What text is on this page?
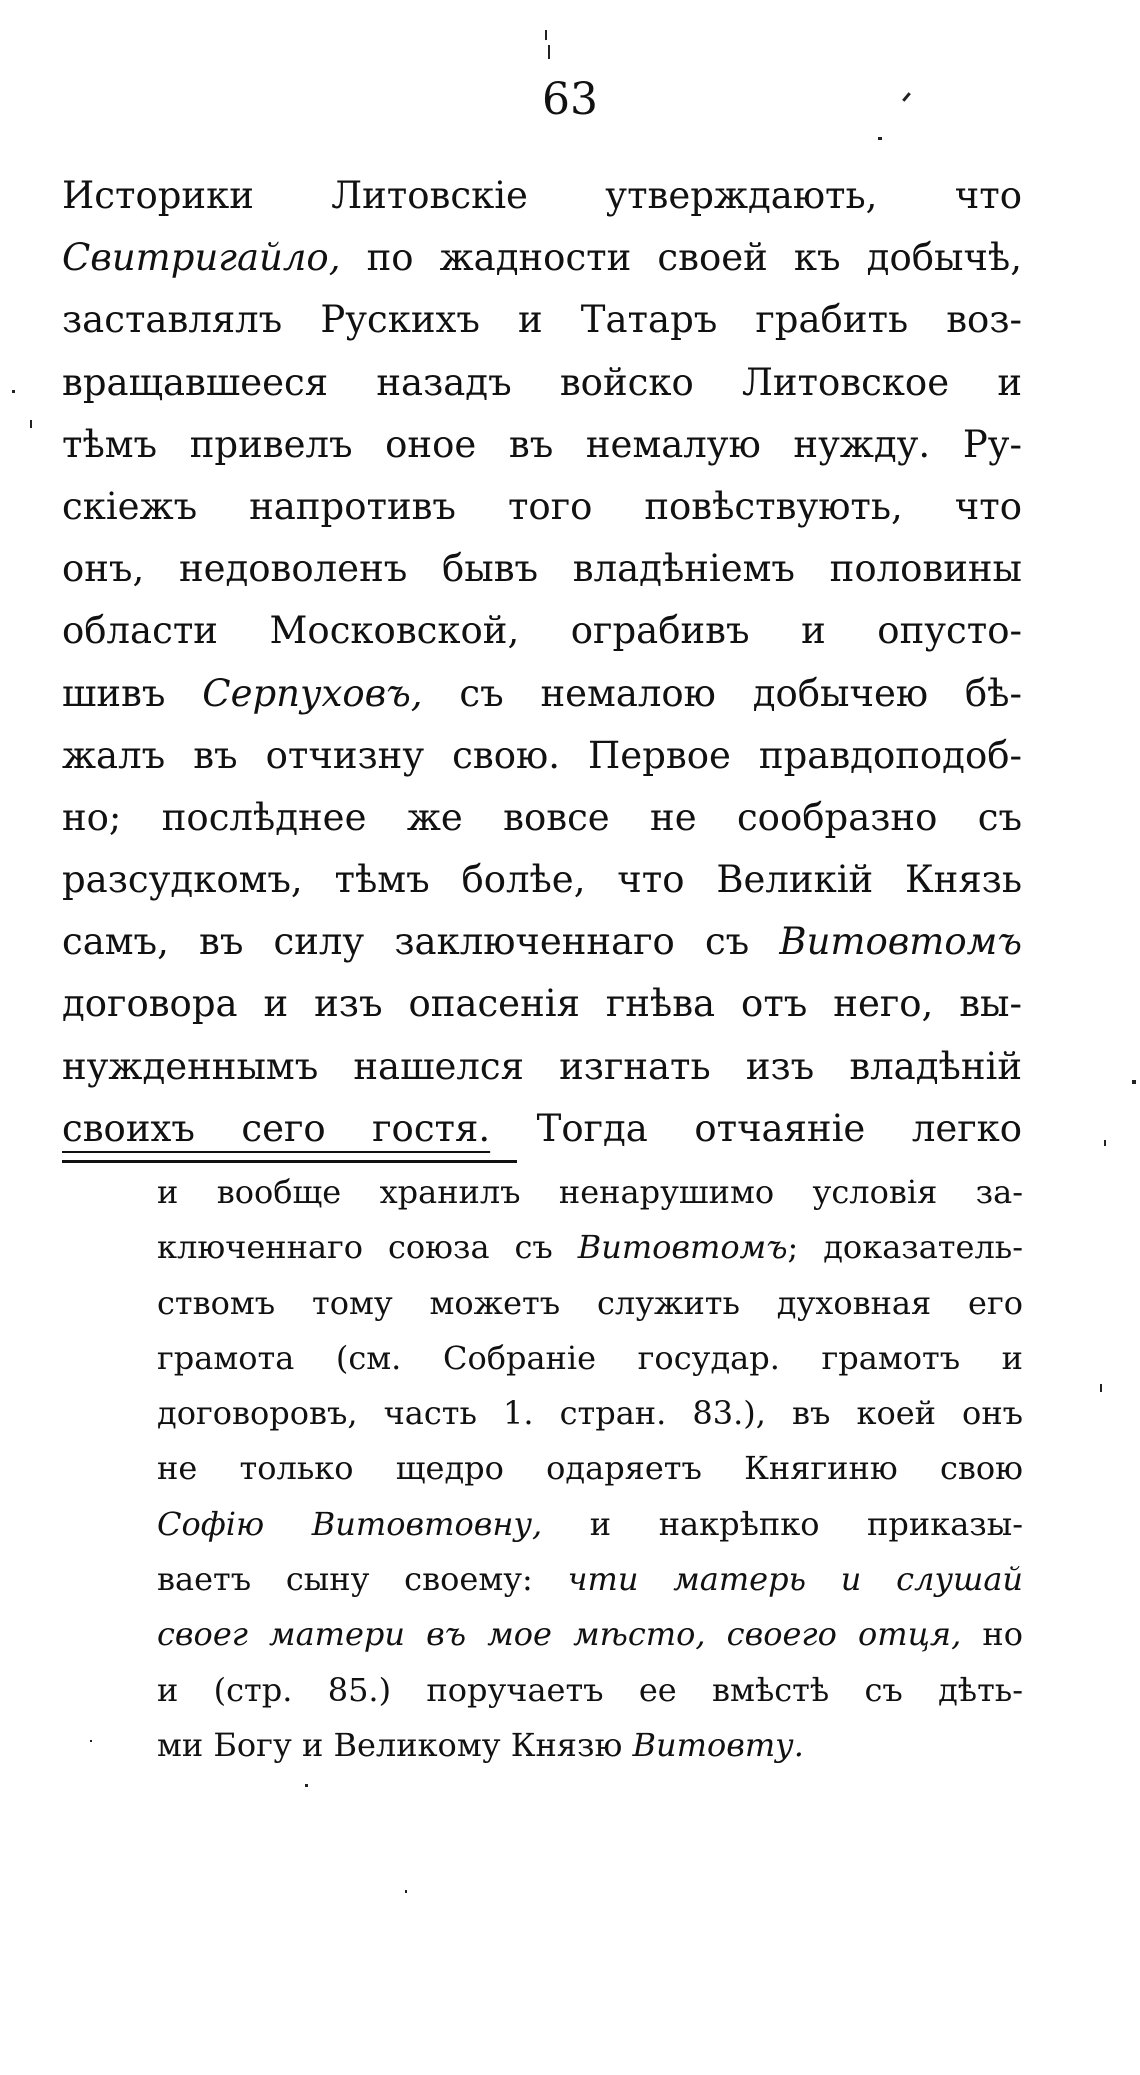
63
Историки Литовскіе утверждають, что
Свитригайло, по жадности своей къ добычѣ,
заставлялъ Рускихъ и Татаръ грабить воз-
вращавшееся назадъ войско Литовское и
тѣмъ привелъ оное въ немалую нужду. Ру-
скіежъ напротивъ того повѣствують, что
онъ, недоволенъ бывъ владѣніемъ половины
области Московской, ограбивъ и опусто-
шивъ Серпуховъ, съ немалою добычею бѣ-
жалъ въ отчизну свою. Первое правдоподоб-
но; послѣднее же вовсе не сообразно съ
разсудкомъ, тѣмъ болѣе, что Великій Князь
самъ, въ силу заключеннаго съ Витовтомъ
договора и изъ опасенія гнѣва отъ него, вы-
нужденнымъ нашелся изгнать изъ владѣній
своихъ сего гостя. Тогда отчаяніе легко
и вообще хранилъ ненарушимо условія за-
ключеннаго союза съ Витовтомъ; доказатель-
ствомъ тому можетъ служить духовная его
грамота (см. Собраніе государ. грамотъ и
договоровъ, часть 1. стран. 83.), въ коей онъ
не только щедро одаряетъ Княгиню свою
Софію Витовтовну, и накрѣпко приказы-
ваетъ сыну своему: чти матерь и слушай
своег матери въ мое мѣсто, своего отця, но
и (стр. 85.) поручаетъ ее вмѣстѣ съ дѣть-
ми Богу и Великому Князю Витовту.
